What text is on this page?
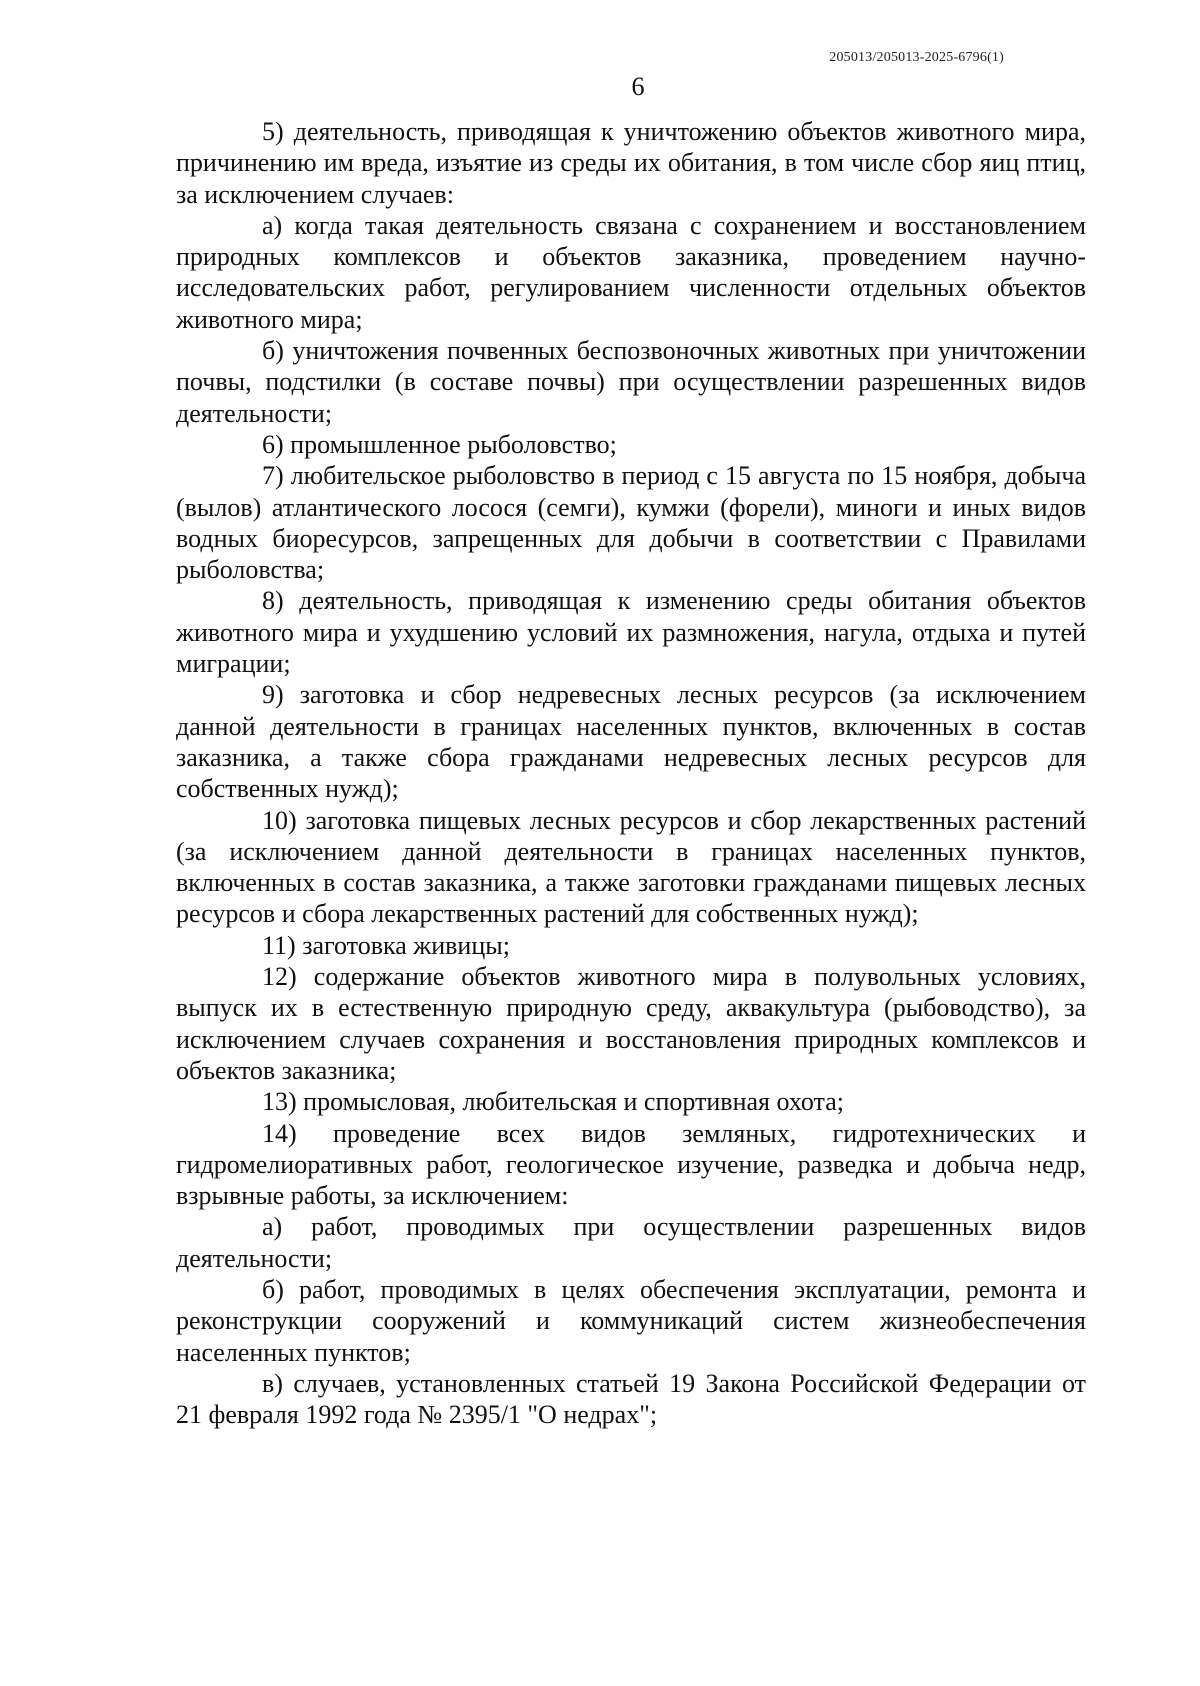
205013/205013-2025-6796(1)
6

5) деятельность, приводящая к уничтожению объектов животного мира, причинению им вреда, изъятие из среды их обитания, в том числе сбор яиц птиц, за исключением случаев:

а) когда такая деятельность связана с сохранением и восстановлением природных комплексов и объектов заказника, проведением научно-исследовательских работ, регулированием численности отдельных объектов животного мира;

б) уничтожения почвенных беспозвоночных животных при уничтожении почвы, подстилки (в составе почвы) при осуществлении разрешенных видов деятельности;

6) промышленное рыболовство;

7) любительское рыболовство в период с 15 августа по 15 ноября, добыча (вылов) атлантического лосося (семги), кумжи (форели), миноги и иных видов водных биоресурсов, запрещенных для добычи в соответствии с Правилами рыболовства;

8) деятельность, приводящая к изменению среды обитания объектов животного мира и ухудшению условий их размножения, нагула, отдыха и путей миграции;

9) заготовка и сбор недревесных лесных ресурсов (за исключением данной деятельности в границах населенных пунктов, включенных в состав заказника, а также сбора гражданами недревесных лесных ресурсов для собственных нужд);

10) заготовка пищевых лесных ресурсов и сбор лекарственных растений (за исключением данной деятельности в границах населенных пунктов, включенных в состав заказника, а также заготовки гражданами пищевых лесных ресурсов и сбора лекарственных растений для собственных нужд);

11) заготовка живицы;

12) содержание объектов животного мира в полувольных условиях, выпуск их в естественную природную среду, аквакультура (рыбоводство), за исключением случаев сохранения и восстановления природных комплексов и объектов заказника;

13) промысловая, любительская и спортивная охота;

14) проведение всех видов земляных, гидротехнических и гидромелиоративных работ, геологическое изучение, разведка и добыча недр, взрывные работы, за исключением:

а) работ, проводимых при осуществлении разрешенных видов деятельности;

б) работ, проводимых в целях обеспечения эксплуатации, ремонта и реконструкции сооружений и коммуникаций систем жизнеобеспечения населенных пунктов;

в) случаев, установленных статьей 19 Закона Российской Федерации от 21 февраля 1992 года № 2395/1 "О недрах";
